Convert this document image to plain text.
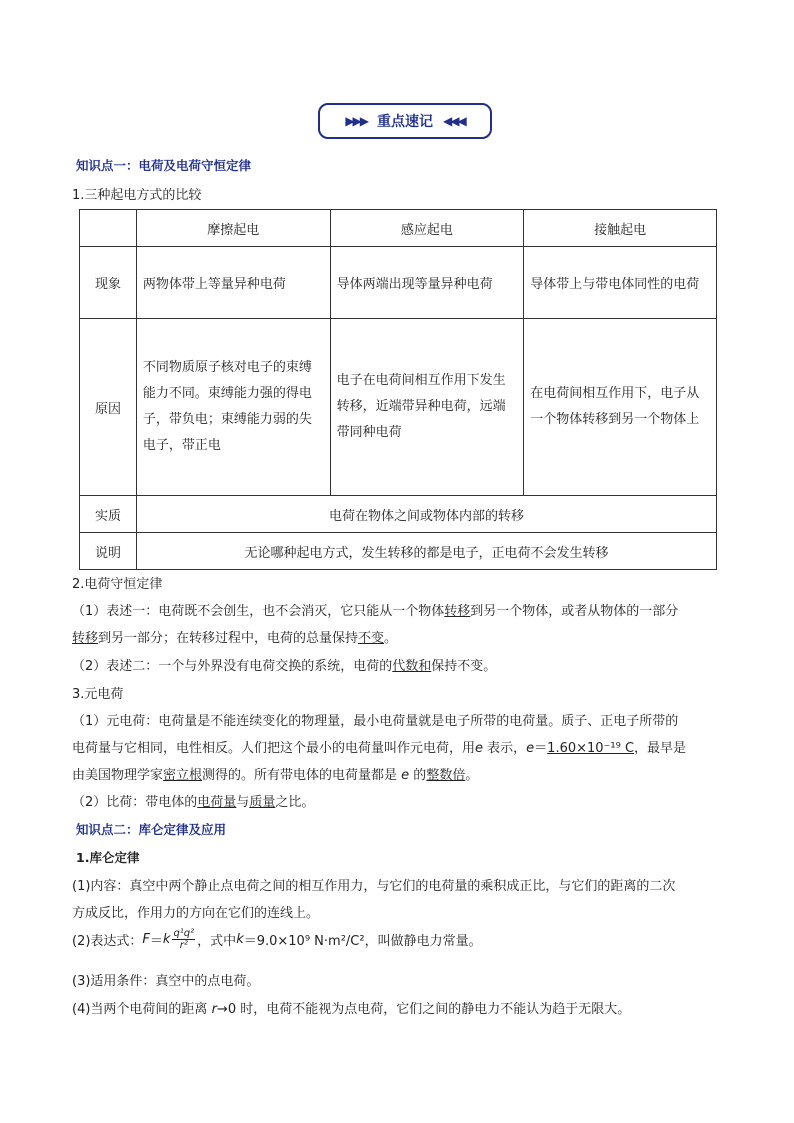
▶▶▶ 重点速记 ◀◀◀
知识点一：电荷及电荷守恒定律
1.三种起电方式的比较
	摩擦起电	感应起电	接触起电
现象	两物体带上等量异种电荷	导体两端出现等量异种电荷	导体带上与带电体同性的电荷
原因	不同物质原子核对电子的束缚能力不同。束缚能力强的得电子，带负电；束缚能力弱的失电子，带正电	电子在电荷间相互作用下发生转移，近端带异种电荷，远端带同种电荷	在电荷间相互作用下，电子从一个物体转移到另一个物体上
实质	电荷在物体之间或物体内部的转移		
说明	无论哪种起电方式，发生转移的都是电子，正电荷不会发生转移		
2.电荷守恒定律
（1）表述一：电荷既不会创生，也不会消灭，它只能从一个物体转移到另一个物体，或者从物体的一部分
转移到另一部分；在转移过程中，电荷的总量保持不变。
（2）表述二：一个与外界没有电荷交换的系统，电荷的代数和保持不变。
3.元电荷
（1）元电荷：电荷量是不能连续变化的物理量，最小电荷量就是电子所带的电荷量。质子、正电子所带的
电荷量与它相同，电性相反。人们把这个最小的电荷量叫作元电荷，用e 表示，e＝1.60×10⁻¹⁹ C，最早是
由美国物理学家密立根测得的。所有带电体的电荷量都是 e 的整数倍。
（2）比荷：带电体的电荷量与质量之比。
知识点二：库仑定律及应用
1.库仑定律
(1)内容：真空中两个静止点电荷之间的相互作用力，与它们的电荷量的乘积成正比，与它们的距离的二次
方成反比，作用力的方向在它们的连线上。
(2)表达式： F ＝ k q¹q²
r² ，式中 k ＝9.0×10⁹ N·m²/C²，叫做静电力常量。
(3)适用条件：真空中的点电荷。
(4)当两个电荷间的距离 r→0 时，电荷不能视为点电荷，它们之间的静电力不能认为趋于无限大。
